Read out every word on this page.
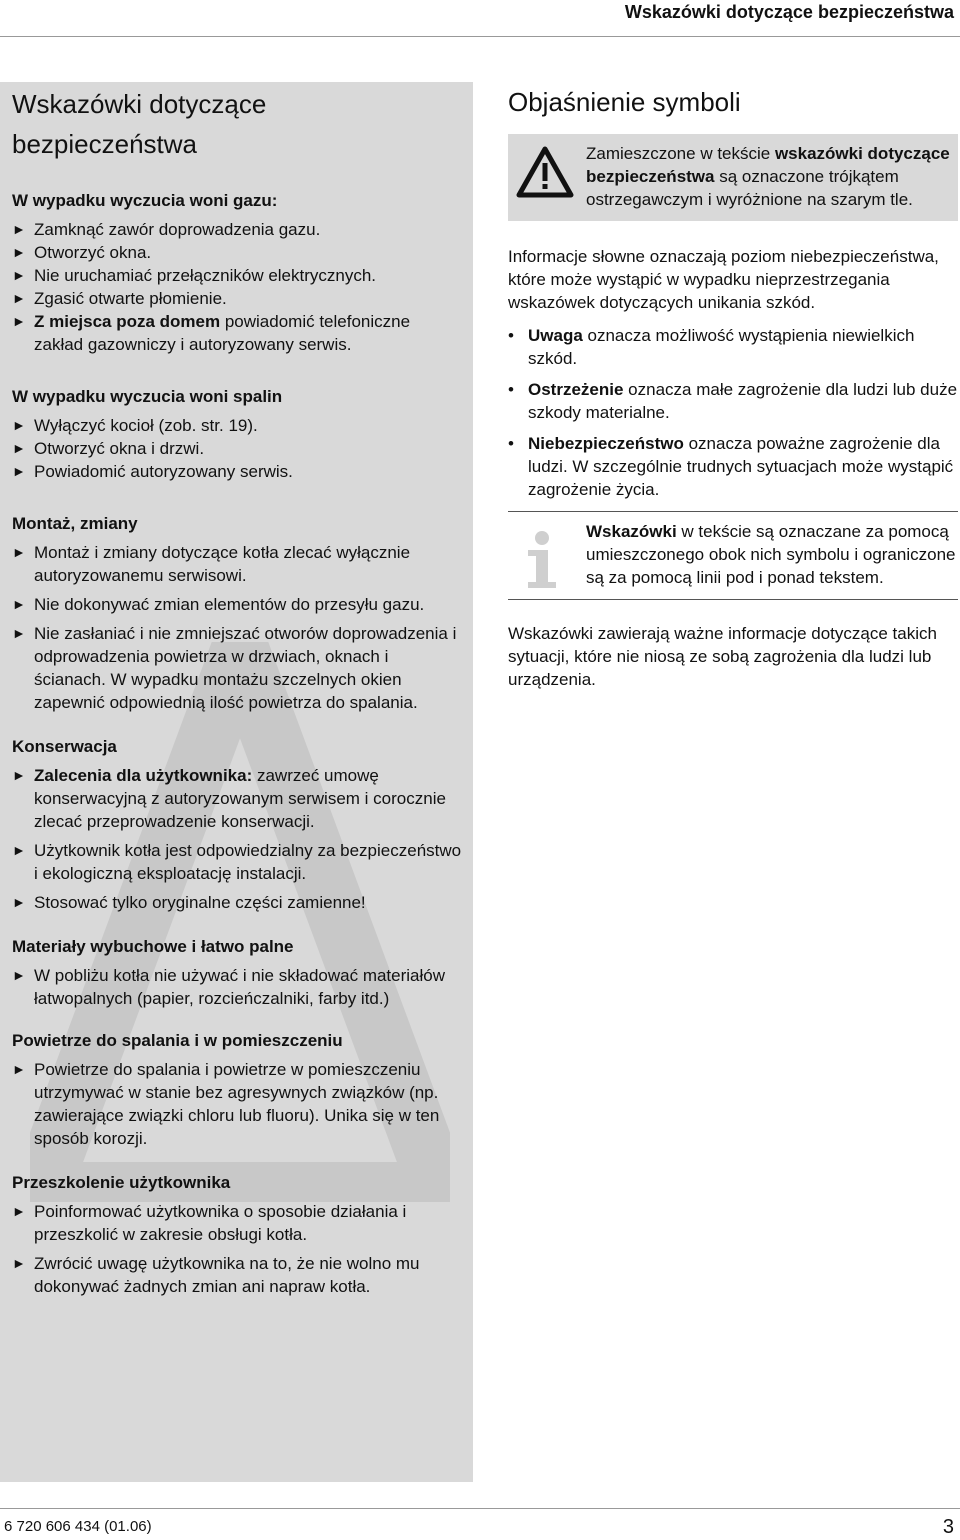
Wskazówki dotyczące bezpieczeństwa
Wskazówki dotyczące
bezpieczeństwa
W wypadku wyczucia woni gazu:
► Zamknąć zawór doprowadzenia gazu.
► Otworzyć okna.
► Nie uruchamiać przełączników elektrycznych.
► Zgasić otwarte płomienie.
► Z miejsca poza domem powiadomić telefoniczne zakład gazowniczy i autoryzowany serwis.
W wypadku wyczucia woni spalin
► Wyłączyć kocioł (zob. str. 19).
► Otworzyć okna i drzwi.
► Powiadomić autoryzowany serwis.
Montaż, zmiany
► Montaż i zmiany dotyczące kotła zlecać wyłącznie autoryzowanemu serwisowi.
► Nie dokonywać zmian elementów do przesyłu gazu.
► Nie zasłaniać i nie zmniejszać otworów doprowadzenia i odprowadzenia powietrza w drzwiach, oknach i ścianach. W wypadku montażu szczelnych okien zapewnić odpowiednią ilość powietrza do spalania.
Konserwacja
► Zalecenia dla użytkownika: zawrzeć umowę konserwacyjną z autoryzowanym serwisem i corocznie zlecać przeprowadzenie konserwacji.
► Użytkownik kotła jest odpowiedzialny za bezpieczeństwo i ekologiczną eksploatację instalacji.
► Stosować tylko oryginalne części zamienne!
Materiały wybuchowe i łatwo palne
► W pobliżu kotła nie używać i nie składować materiałów łatwopalnych (papier, rozcieńczalniki, farby itd.)
Powietrze do spalania i w pomieszczeniu
► Powietrze do spalania i powietrze w pomieszczeniu utrzymywać w stanie bez agresywnych związków (np. zawierające związki chloru lub fluoru). Unika się w ten sposób korozji.
Przeszkolenie użytkownika
► Poinformować użytkownika o sposobie działania i przeszkolić w zakresie obsługi kotła.
► Zwrócić uwagę użytkownika na to, że nie wolno mu dokonywać żadnych zmian ani napraw kotła.
Objaśnienie symboli
Zamieszczone w tekście wskazówki dotyczące bezpieczeństwa są oznaczone trójkątem ostrzegawczym i wyróżnione na szarym tle.

Informacje słowne oznaczają poziom niebezpieczeństwa, które może wystąpić w wypadku nieprzestrzegania wskazówek dotyczących unikania szkód.

• Uwaga oznacza możliwość wystąpienia niewielkich szkód.
• Ostrzeżenie oznacza małe zagrożenie dla ludzi lub duże szkody materialne.
• Niebezpieczeństwo oznacza poważne zagrożenie dla ludzi. W szczególnie trudnych sytuacjach może wystąpić zagrożenie życia.
Wskazówki w tekście są oznaczane za pomocą umieszczonego obok nich symbolu i ograniczone są za pomocą linii pod i ponad tekstem.

Wskazówki zawierają ważne informacje dotyczące takich sytuacji, które nie niosą ze sobą zagrożenia dla ludzi lub urządzenia.

6 720 606 434 (01.06)	3
